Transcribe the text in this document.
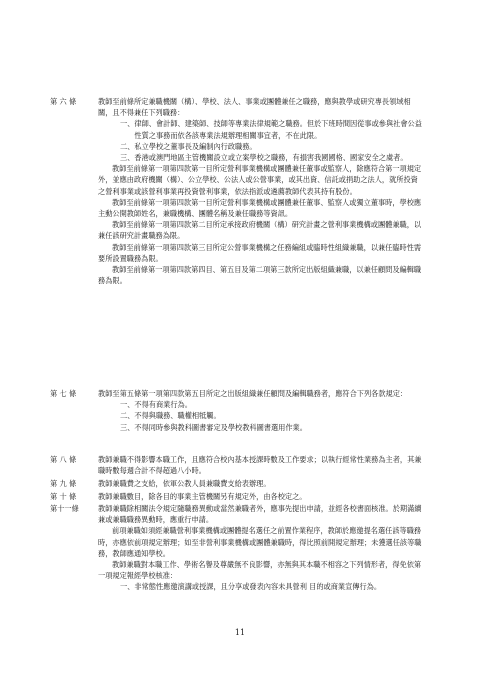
第 六 條	教師至前條所定兼職機關（構）、學校、法人、事業或團體兼任之職務，應與教學或研究專長領域相關，且不得兼任下列職務：
一、 律師、會計師、建築師、技師等專業法律規範之職務。但於下班時間因從事或參與社會公益性質之事務而依各該專業法規辦理相關事宜者，不在此限。
二、 私立學校之董事長及編制內行政職務。
三、 香港或澳門地區主管機關設立或立案學校之職務，有損害我國國格、國家安全之虞者。
教師至前條第一項第四款第一目所定營利事業機構或團體兼任董事或監察人，除應符合第一項規定外，並應由政府機關（構）、公立學校、公法人或公營事業，或其出資、信託或捐助之法人，就所投資之營利事業或該營利事業再投資營利事業，依法指派或遴薦教師代表其持有股份。
教師至前條第一項第四款第一目所定營利事業機構或團體兼任董事、監察人或獨立董事時，學校應主動公開教師姓名，兼職機構、團體名稱及兼任職務等資訊。
教師至前條第一項第四款第二目所定承接政府機關（構）研究計畫之營利事業機構或團體兼職，以兼任該研究計畫職務為限。
教師至前條第一項第四款第三目所定公營事業機構之任務編組或臨時性組織兼職，以兼任臨時性需要所設置職務為限。
教師至前條第一項第四款第四目、第五目及第二項第三款所定出版組織兼職，以兼任顧問及編輯職務為限。
第 七 條	教師至第五條第一項第四款第五目所定之出版組織兼任顧問及編輯職務者，應符合下列各款規定：
一、 不得有商業行為。
二、 不得與職務、職權相牴觸。
三、 不得同時參與教科圖書審定及學校教科圖書選用作業。
第 八 條	教師兼職不得影響本職工作，且應符合校內基本授課時數及工作要求；以執行經常性業務為主者，其兼職時數每週合計不得超過八小時。
第 九 條	教師兼職費之支給，依軍公教人員兼職費支給表辦理。
第 十 條	教師兼職數目，除各目的事業主管機關另有規定外，由各校定之。
第十一條	教師兼職除相關法令規定隨職務異動或當然兼職者外，應事先提出申請，並經各校書面核准。於期滿續兼或兼職職務異動時，應重行申請。
前項兼職如須經兼職營利事業機構或團體提名選任之前置作業程序，教師於應邀提名選任該等職務時，亦應依前項規定辦理；如至非營利事業機構或團體兼職時，得比照前開規定辦理；未獲選任該等職務，教師應通知學校。
教師兼職對本職工作、學術名譽及尊嚴無不良影響，亦無與其本職不相容之下列情形者，得免依第一項規定報經學校核准：
一、 非常態性應邀演講或授課，且分享或發表內容未具營利 目的或商業宣傳行為。
11
